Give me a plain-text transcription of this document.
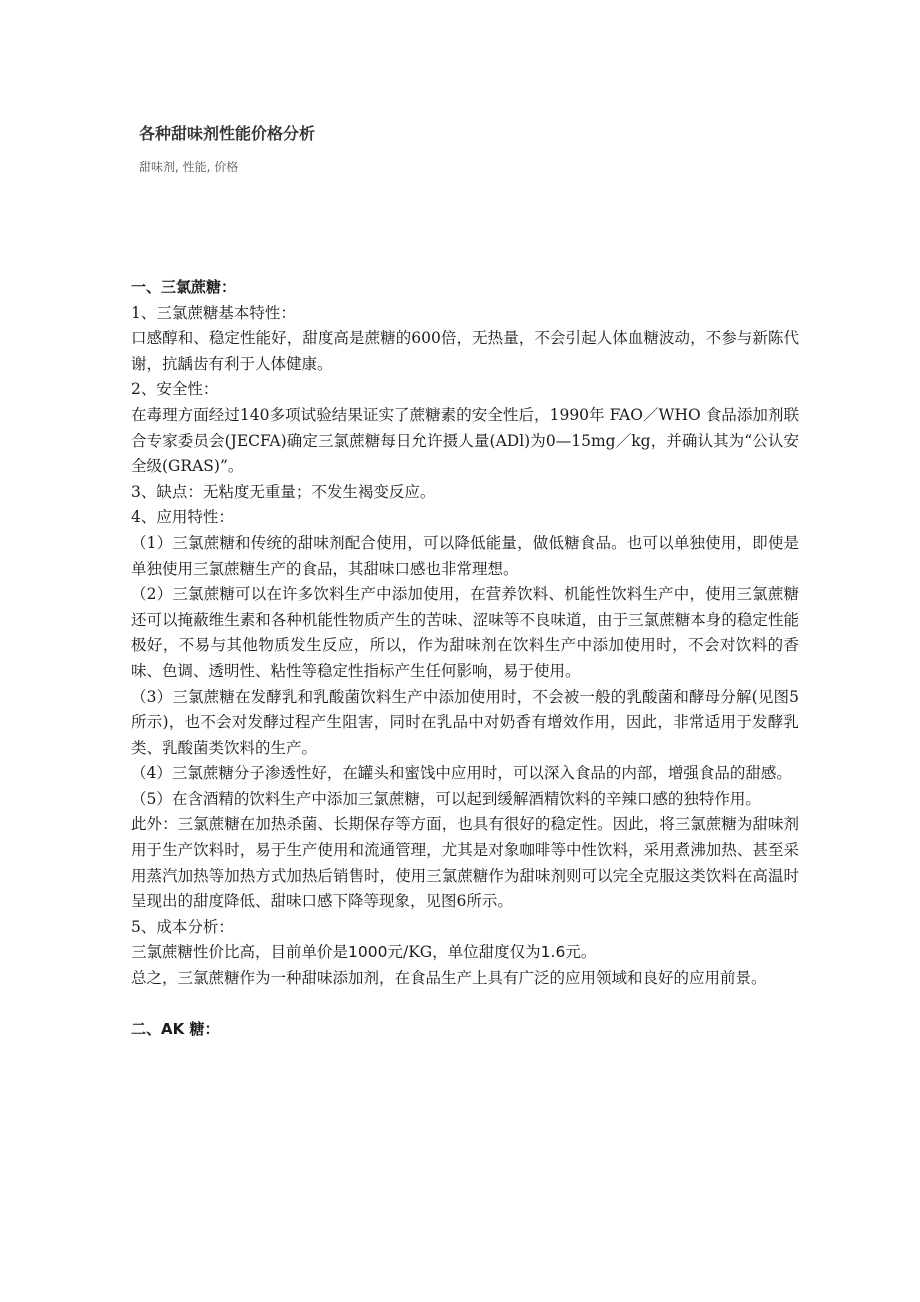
各种甜味剂性能价格分析
甜味剂, 性能, 价格

一、三氯蔗糖：

1、三氯蔗糖基本特性：

口感醇和、稳定性能好，甜度高是蔗糖的600倍，无热量，不会引起人体血糖波动，不参与新陈代谢，抗龋齿有利于人体健康。

2、安全性：

在毒理方面经过140多项试验结果证实了蔗糖素的安全性后，1990年 FAO／WHO 食品添加剂联合专家委员会(JECFA)确定三氯蔗糖每日允许摄人量(ADl)为0—15mg／kg，并确认其为“公认安全级(GRAS)”。

3、缺点：无粘度无重量；不发生褐变反应。

4、应用特性：

（1）三氯蔗糖和传统的甜味剂配合使用，可以降低能量，做低糖食品。也可以单独使用，即使是单独使用三氯蔗糖生产的食品，其甜味口感也非常理想。

（2）三氯蔗糖可以在许多饮料生产中添加使用，在营养饮料、机能性饮料生产中，使用三氯蔗糖还可以掩蔽维生素和各种机能性物质产生的苦味、涩味等不良味道，由于三氯蔗糖本身的稳定性能极好，不易与其他物质发生反应，所以，作为甜味剂在饮料生产中添加使用时，不会对饮料的香味、色调、透明性、粘性等稳定性指标产生任何影响，易于使用。

（3）三氯蔗糖在发酵乳和乳酸菌饮料生产中添加使用时，不会被一般的乳酸菌和酵母分解(见图5所示)，也不会对发酵过程产生阻害，同时在乳品中对奶香有增效作用，因此，非常适用于发酵乳类、乳酸菌类饮料的生产。

（4）三氯蔗糖分子渗透性好，在罐头和蜜饯中应用时，可以深入食品的内部，增强食品的甜感。

（5）在含酒精的饮料生产中添加三氯蔗糖，可以起到缓解酒精饮料的辛辣口感的独特作用。

此外：三氯蔗糖在加热杀菌、长期保存等方面，也具有很好的稳定性。因此，将三氯蔗糖为甜味剂用于生产饮料时，易于生产使用和流通管理，尤其是对象咖啡等中性饮料，采用煮沸加热、甚至采用蒸汽加热等加热方式加热后销售时，使用三氯蔗糖作为甜味剂则可以完全克服这类饮料在高温时呈现出的甜度降低、甜味口感下降等现象，见图6所示。

5、成本分析：

三氯蔗糖性价比高，目前单价是1000元/KG，单位甜度仅为1.6元。

总之，三氯蔗糖作为一种甜味添加剂，在食品生产上具有广泛的应用领域和良好的应用前景。

二、AK 糖：
